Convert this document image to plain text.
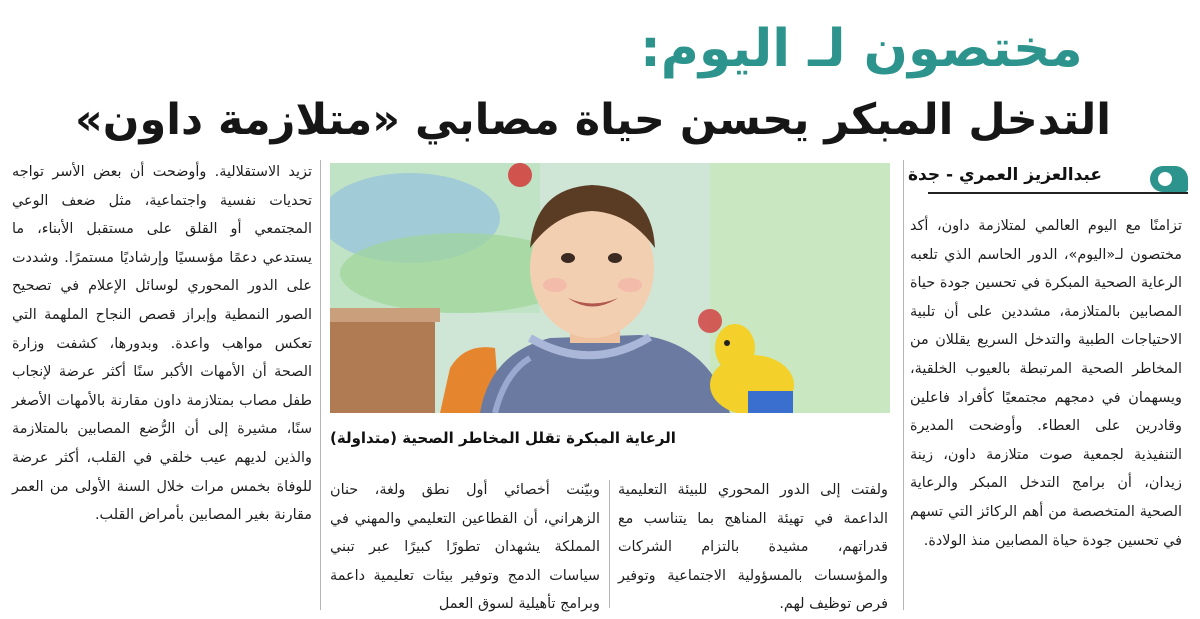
مختصون لـ اليوم:
التدخل المبكر يحسن حياة مصابي «متلازمة داون»
عبدالعزيز العمري - جدة
تزامنًا مع اليوم العالمي لمتلازمة داون، أكد مختصون لـ«اليوم»، الدور الحاسم الذي تلعبه الرعاية الصحية المبكرة في تحسين جودة حياة المصابين بالمتلازمة، مشددين على أن تلبية الاحتياجات الطبية والتدخل السريع يقللان من المخاطر الصحية المرتبطة بالعيوب الخلقية، ويسهمان في دمجهم مجتمعيًا كأفراد فاعلين وقادرين على العطاء. وأوضحت المديرة التنفيذية لجمعية صوت متلازمة داون، زينة زيدان، أن برامج التدخل المبكر والرعاية الصحية المتخصصة من أهم الركائز التي تسهم في تحسين جودة حياة المصابين منذ الولادة.
الرعاية المبكرة تقلل المخاطر الصحية (متداولة)
ولفتت إلى الدور المحوري للبيئة التعليمية الداعمة في تهيئة المناهج بما يتناسب مع قدراتهم، مشيدة بالتزام الشركات والمؤسسات بالمسؤولية الاجتماعية وتوفير فرص توظيف لهم.
وبيّنت أخصائي أول نطق ولغة، حنان الزهراني، أن القطاعين التعليمي والمهني في المملكة يشهدان تطورًا كبيرًا عبر تبني سياسات الدمج وتوفير بيئات تعليمية داعمة وبرامج تأهيلية لسوق العمل
تزيد الاستقلالية. وأوضحت أن بعض الأسر تواجه تحديات نفسية واجتماعية، مثل ضعف الوعي المجتمعي أو القلق على مستقبل الأبناء، ما يستدعي دعمًا مؤسسيًا وإرشاديًا مستمرًا. وشددت على الدور المحوري لوسائل الإعلام في تصحيح الصور النمطية وإبراز قصص النجاح الملهمة التي تعكس مواهب واعدة. وبدورها، كشفت وزارة الصحة أن الأمهات الأكبر سنًا أكثر عرضة لإنجاب طفل مصاب بمتلازمة داون مقارنة بالأمهات الأصغر سنًا، مشيرة إلى أن الرُّضع المصابين بالمتلازمة والذين لديهم عيب خلقي في القلب، أكثر عرضة للوفاة بخمس مرات خلال السنة الأولى من العمر مقارنة بغير المصابين بأمراض القلب.
